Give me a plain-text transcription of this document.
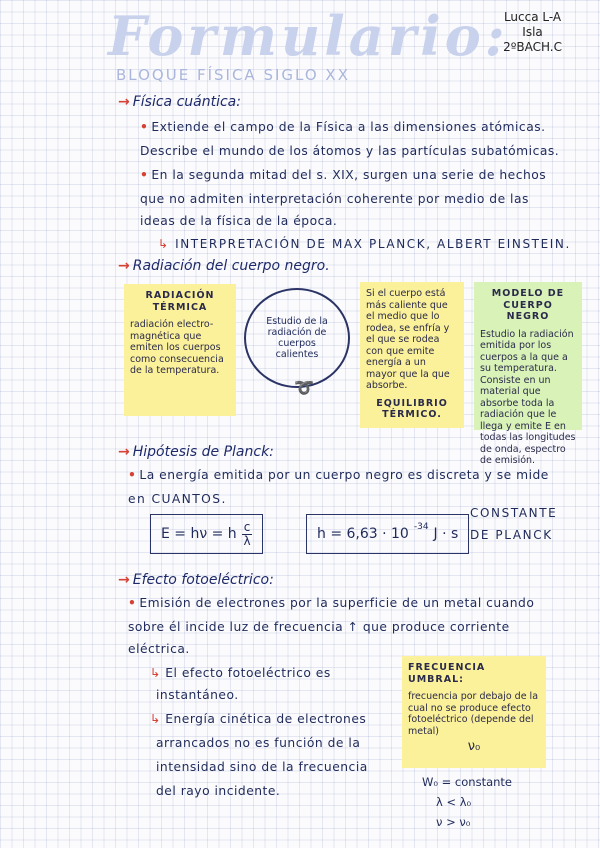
Formulario:
BLOQUE FÍSICA SIGLO XX
Lucca L-A
Isla
2ºBACH.C
→ Física cuántica:
• Extiende el campo de la Física a las dimensiones atómicas.
Describe el mundo de los átomos y las partículas subatómicas.
• En la segunda mitad del s. XIX, surgen una serie de hechos
que no admiten interpretación coherente por medio de las
ideas de la física de la época.
↳ INTERPRETACIÓN DE MAX PLANCK, ALBERT EINSTEIN.
→ Radiación del cuerpo negro.
RADIACIÓN TÉRMICA
radiación electro-magnética que emiten los cuerpos como consecuencia de la temperatura.
Estudio de la radiación de cuerpos calientes
➰
Si el cuerpo está más caliente que el medio que lo rodea, se enfría y el que se rodea con que emite energía a un mayor que la que absorbe.
EQUILIBRIO TÉRMICO.
MODELO DE CUERPO NEGRO
Estudio la radiación emitida por los cuerpos a la que a su temperatura. Consiste en un material que absorbe toda la radiación que le llega y emite E en todas las longitudes de onda, espectro de emisión.
→ Hipótesis de Planck:
• La energía emitida por un cuerpo negro es discreta y se mide
en CUANTOS.
E = hν = h $\frac{c}{\lambda}$	h = 6,63 · 10 -34 J · s
CONSTANTE
DE PLANCK
→ Efecto fotoeléctrico:
• Emisión de electrones por la superficie de un metal cuando
sobre él incide luz de frecuencia ↑ que produce corriente
eléctrica.
↳ El efecto fotoeléctrico es
instantáneo.
↳ Energía cinética de electrones
arrancados no es función de la
intensidad sino de la frecuencia
del rayo incidente.
FRECUENCIA UMBRAL:
frecuencia por debajo de la cual no se produce efecto fotoeléctrico (depende del metal)
ν₀
W₀ = constante
λ < λ₀
ν > ν₀
